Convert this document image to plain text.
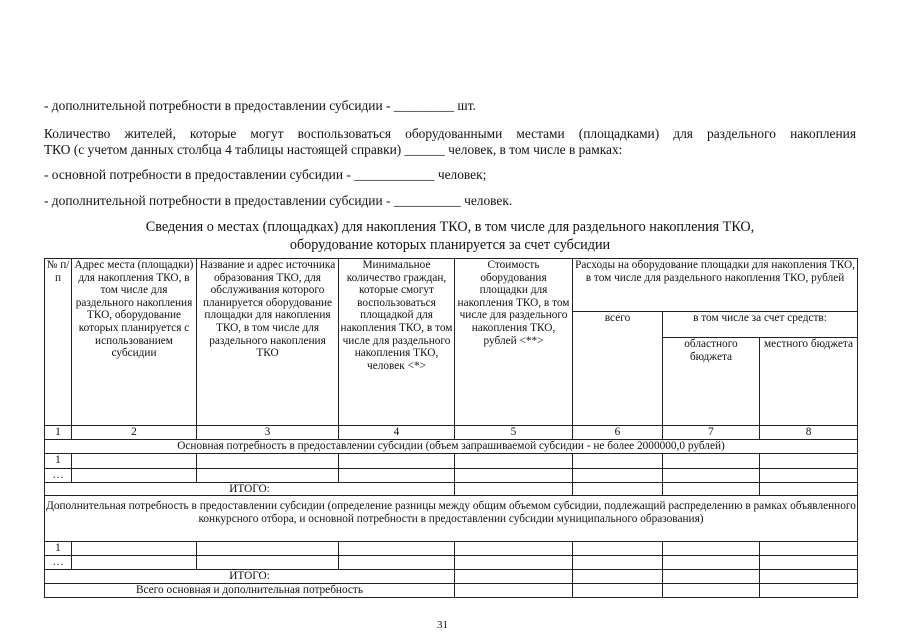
- дополнительной потребности в предоставлении субсидии - _________ шт.
Количество жителей, которые могут воспользоваться оборудованными местами (площадками) для раздельного накопления
ТКО (с учетом данных столбца 4 таблицы настоящей справки) ______ человек, в том числе в рамках:
- основной потребности в предоставлении субсидии - ____________ человек;
- дополнительной потребности в предоставлении субсидии - __________ человек.
Сведения о местах (площадках) для накопления ТКО, в том числе для раздельного накопления ТКО,
оборудование которых планируется за счет субсидии
№ п/п	Адрес места (площадки) для накопления ТКО, в том числе для раздельного накопления ТКО, оборудование которых планируется с использованием субсидии	Название и адрес источника образования ТКО, для обслуживания которого планируется оборудование площадки для накопления ТКО, в том числе для раздельного накопления ТКО	Минимальное количество граждан, которые смогут воспользоваться площадкой для накопления ТКО, в том числе для раздельного накопления ТКО, человек <*>	Стоимость оборудования площадки для накопления ТКО, в том числе для раздельного накопления ТКО, рублей <**>	Расходы на оборудование площадки для накопления ТКО, в том числе для раздельного накопления ТКО, рублей		
					всего	в том числе за счет средств:	
						областного бюджета	местного бюджета
1	2	3	4	5	6	7	8
Основная потребность в предоставлении субсидии (объем запрашиваемой субсидии - не более 2000000,0 рублей)							
1							
…							
ИТОГО:							
Дополнительная потребность в предоставлении субсидии (определение разницы между общим объемом субсидии, подлежащий распределению в рамках объявленного конкурсного отбора, и основной потребности в предоставлении субсидии муниципального образования)							
1							
…							
ИТОГО:							
Всего основная и дополнительная потребность							
31
